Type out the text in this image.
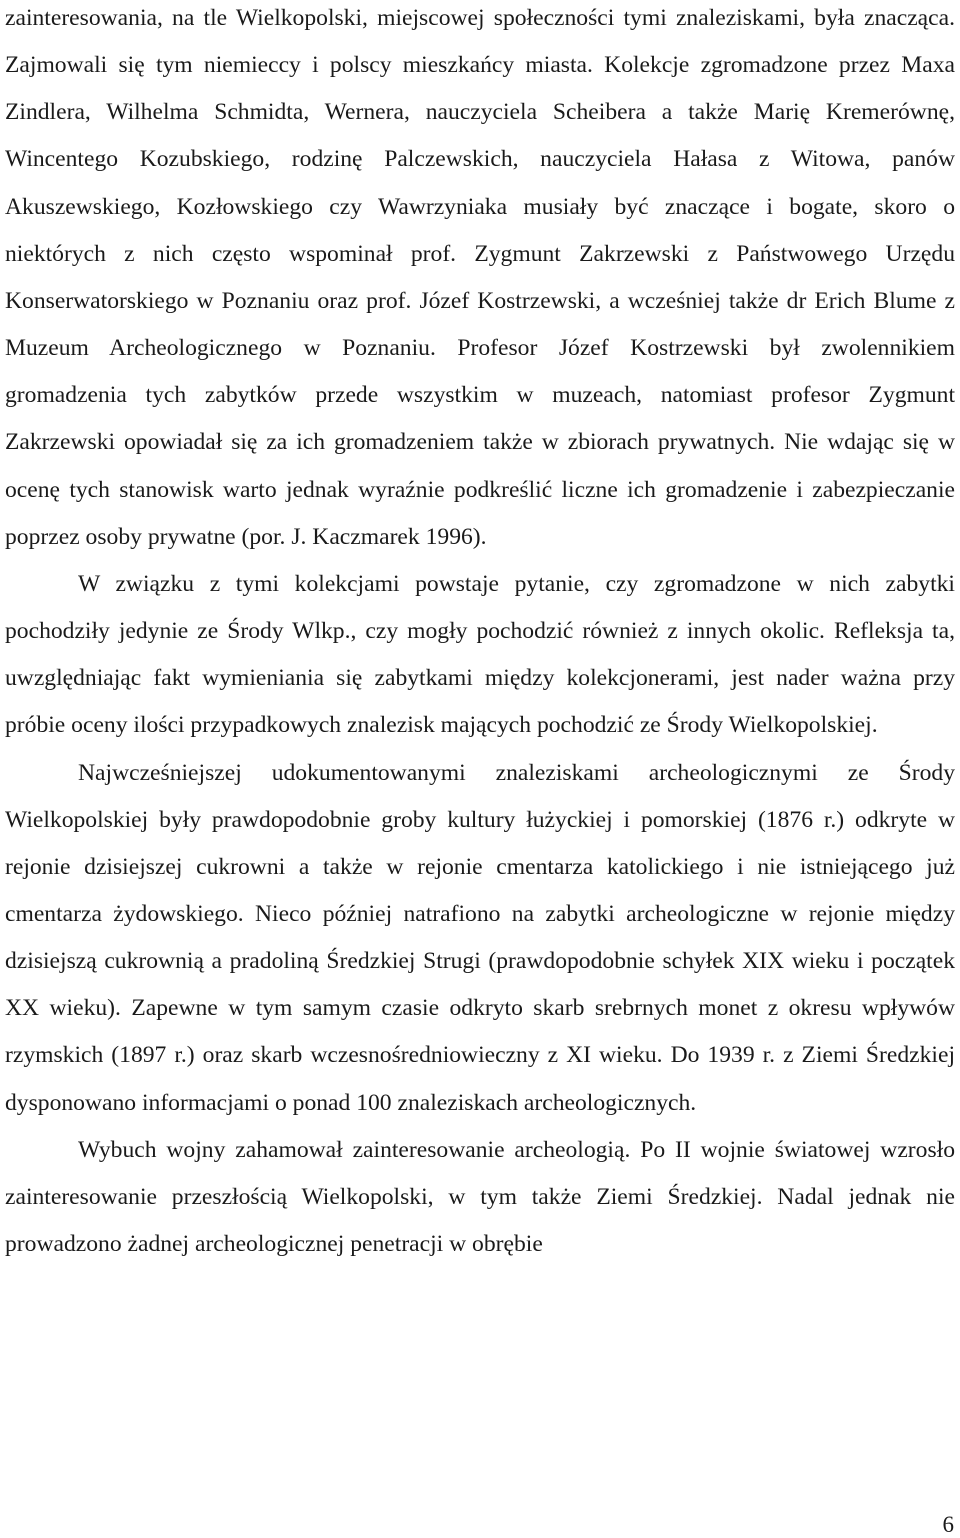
zainteresowania, na tle Wielkopolski, miejscowej społeczności tymi znaleziskami, była znacząca. Zajmowali się tym niemieccy i polscy mieszkańcy miasta. Kolekcje zgromadzone przez Maxa Zindlera, Wilhelma Schmidta, Wernera, nauczyciela Scheibera a także Marię Kremerównę, Wincentego Kozubskiego, rodzinę Palczewskich, nauczyciela Hałasa z Witowa, panów Akuszewskiego, Kozłowskiego czy Wawrzyniaka musiały być znaczące i bogate, skoro o niektórych z nich często wspominał prof. Zygmunt Zakrzewski z Państwowego Urzędu Konserwatorskiego w Poznaniu oraz prof. Józef Kostrzewski, a wcześniej także dr Erich Blume z Muzeum Archeologicznego w Poznaniu. Profesor Józef Kostrzewski był zwolennikiem gromadzenia tych zabytków przede wszystkim w muzeach, natomiast profesor Zygmunt Zakrzewski opowiadał się za ich gromadzeniem także w zbiorach prywatnych. Nie wdając się w ocenę tych stanowisk warto jednak wyraźnie podkreślić liczne ich gromadzenie i zabezpieczanie poprzez osoby prywatne (por. J. Kaczmarek 1996).

W związku z tymi kolekcjami powstaje pytanie, czy zgromadzone w nich zabytki pochodziły jedynie ze Środy Wlkp., czy mogły pochodzić również z innych okolic. Refleksja ta, uwzględniając fakt wymieniania się zabytkami między kolekcjonerami, jest nader ważna przy próbie oceny ilości przypadkowych znalezisk mających pochodzić ze Środy Wielkopolskiej.

Najwcześniejszej udokumentowanymi znaleziskami archeologicznymi ze Środy Wielkopolskiej były prawdopodobnie groby kultury łużyckiej i pomorskiej (1876 r.) odkryte w rejonie dzisiejszej cukrowni a także w rejonie cmentarza katolickiego i nie istniejącego już cmentarza żydowskiego. Nieco później natrafiono na zabytki archeologiczne w rejonie między dzisiejszą cukrownią a pradoliną Średzkiej Strugi (prawdopodobnie schyłek XIX wieku i początek XX wieku). Zapewne w tym samym czasie odkryto skarb srebrnych monet z okresu wpływów rzymskich (1897 r.) oraz skarb wczesnośredniowieczny z XI wieku. Do 1939 r. z Ziemi Średzkiej dysponowano informacjami o ponad 100 znaleziskach archeologicznych.

Wybuch wojny zahamował zainteresowanie archeologią. Po II wojnie światowej wzrosło zainteresowanie przeszłością Wielkopolski, w tym także Ziemi Średzkiej. Nadal jednak nie prowadzono żadnej archeologicznej penetracji w obrębie

6
